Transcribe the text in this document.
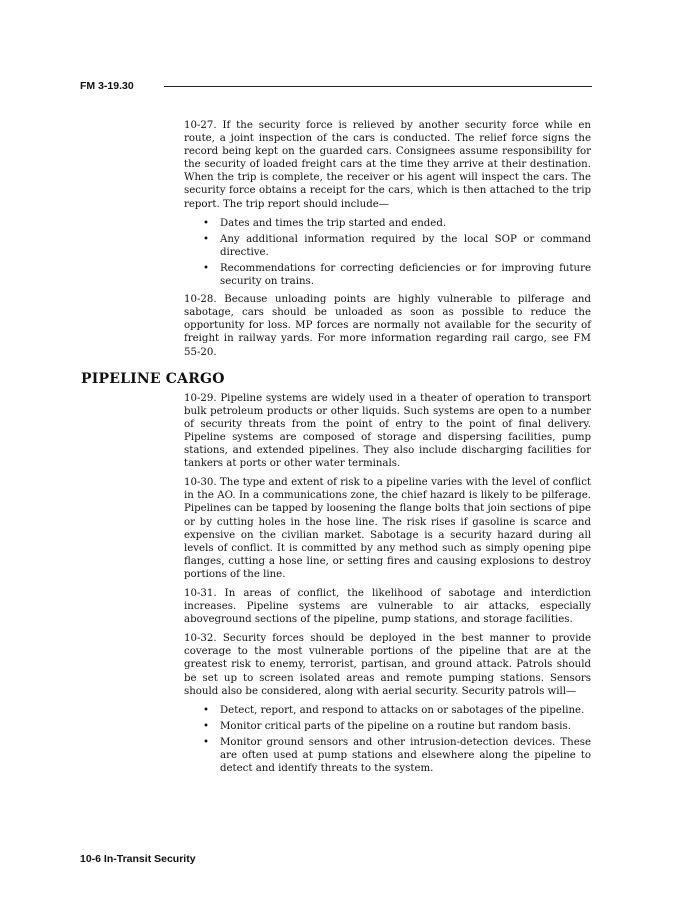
FM 3-19.30

10-27. If the security force is relieved by another security force while en route, a joint inspection of the cars is conducted. The relief force signs the record being kept on the guarded cars. Consignees assume responsibility for the security of loaded freight cars at the time they arrive at their destination. When the trip is complete, the receiver or his agent will inspect the cars. The security force obtains a receipt for the cars, which is then attached to the trip report. The trip report should include—

• Dates and times the trip started and ended.
• Any additional information required by the local SOP or command directive.
• Recommendations for correcting deficiencies or for improving future security on trains.

10-28. Because unloading points are highly vulnerable to pilferage and sabotage, cars should be unloaded as soon as possible to reduce the opportunity for loss. MP forces are normally not available for the security of freight in railway yards. For more information regarding rail cargo, see FM 55-20.

PIPELINE CARGO

10-29. Pipeline systems are widely used in a theater of operation to transport bulk petroleum products or other liquids. Such systems are open to a number of security threats from the point of entry to the point of final delivery. Pipeline systems are composed of storage and dispersing facilities, pump stations, and extended pipelines. They also include discharging facilities for tankers at ports or other water terminals.

10-30. The type and extent of risk to a pipeline varies with the level of conflict in the AO. In a communications zone, the chief hazard is likely to be pilferage. Pipelines can be tapped by loosening the flange bolts that join sections of pipe or by cutting holes in the hose line. The risk rises if gasoline is scarce and expensive on the civilian market. Sabotage is a security hazard during all levels of conflict. It is committed by any method such as simply opening pipe flanges, cutting a hose line, or setting fires and causing explosions to destroy portions of the line.

10-31. In areas of conflict, the likelihood of sabotage and interdiction increases. Pipeline systems are vulnerable to air attacks, especially aboveground sections of the pipeline, pump stations, and storage facilities.

10-32. Security forces should be deployed in the best manner to provide coverage to the most vulnerable portions of the pipeline that are at the greatest risk to enemy, terrorist, partisan, and ground attack. Patrols should be set up to screen isolated areas and remote pumping stations. Sensors should also be considered, along with aerial security. Security patrols will—

• Detect, report, and respond to attacks on or sabotages of the pipeline.
• Monitor critical parts of the pipeline on a routine but random basis.
• Monitor ground sensors and other intrusion-detection devices. These are often used at pump stations and elsewhere along the pipeline to detect and identify threats to the system.
10-6 In-Transit Security
